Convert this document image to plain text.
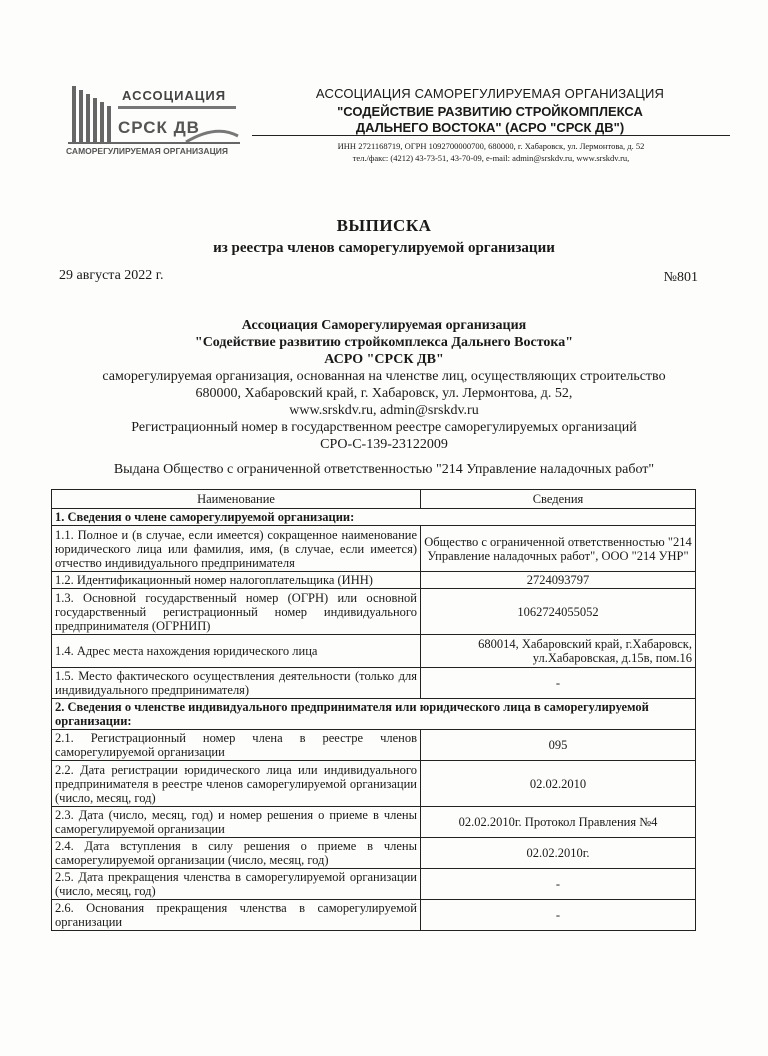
АССОЦИАЦИЯ
СРСК ДВ
САМОРЕГУЛИРУЕМАЯ ОРГАНИЗАЦИЯ
АССОЦИАЦИЯ САМОРЕГУЛИРУЕМАЯ ОРГАНИЗАЦИЯ
"СОДЕЙСТВИЕ РАЗВИТИЮ СТРОЙКОМПЛЕКСА
ДАЛЬНЕГО ВОСТОКА" (АСРО "СРСК ДВ")
ИНН 2721168719, ОГРН 1092700000700, 680000, г. Хабаровск, ул. Лермонтова, д. 52
тел./факс: (4212) 43-73-51, 43-70-09, e-mail: admin@srskdv.ru, www.srskdv.ru,
ВЫПИСКА
из реестра членов саморегулируемой организации
29 августа 2022 г.	№801
Ассоциация Саморегулируемая организация
"Содействие развитию стройкомплекса Дальнего Востока"
АСРО "СРСК ДВ"
саморегулируемая организация, основанная на членстве лиц, осуществляющих строительство
680000, Хабаровский край, г. Хабаровск, ул. Лермонтова, д. 52,
www.srskdv.ru, admin@srskdv.ru
Регистрационный номер в государственном реестре саморегулируемых организаций
СРО-С-139-23122009
Выдана Общество с ограниченной ответственностью "214 Управление наладочных работ"
Наименование	Сведения
1. Сведения о члене саморегулируемой организации:	
1.1. Полное и (в случае, если имеется) сокращенное наименование юридического лица или фамилия, имя, (в случае, если имеется) отчество индивидуального предпринимателя	Общество с ограниченной ответственностью "214 Управление наладочных работ", ООО "214 УНР"
1.2. Идентификационный номер налогоплательщика (ИНН)	2724093797
1.3. Основной государственный номер (ОГРН) или основной государственный регистрационный номер индивидуального предпринимателя (ОГРНИП)	1062724055052
1.4. Адрес места нахождения юридического лица	680014, Хабаровский край, г.Хабаровск, ул.Хабаровская, д.15в, пом.16
1.5. Место фактического осуществления деятельности (только для индивидуального предпринимателя)	-
2. Сведения о членстве индивидуального предпринимателя или юридического лица в саморегулируемой организации:	
2.1. Регистрационный номер члена в реестре членов саморегулируемой организации	095
2.2. Дата регистрации юридического лица или индивидуального предпринимателя в реестре членов саморегулируемой организации (число, месяц, год)	02.02.2010
2.3. Дата (число, месяц, год) и номер решения о приеме в члены саморегулируемой организации	02.02.2010г. Протокол Правления №4
2.4. Дата вступления в силу решения о приеме в члены саморегулируемой организации (число, месяц, год)	02.02.2010г.
2.5. Дата прекращения членства в саморегулируемой организации (число, месяц, год)	-
2.6. Основания прекращения членства в саморегулируемой организации	-
